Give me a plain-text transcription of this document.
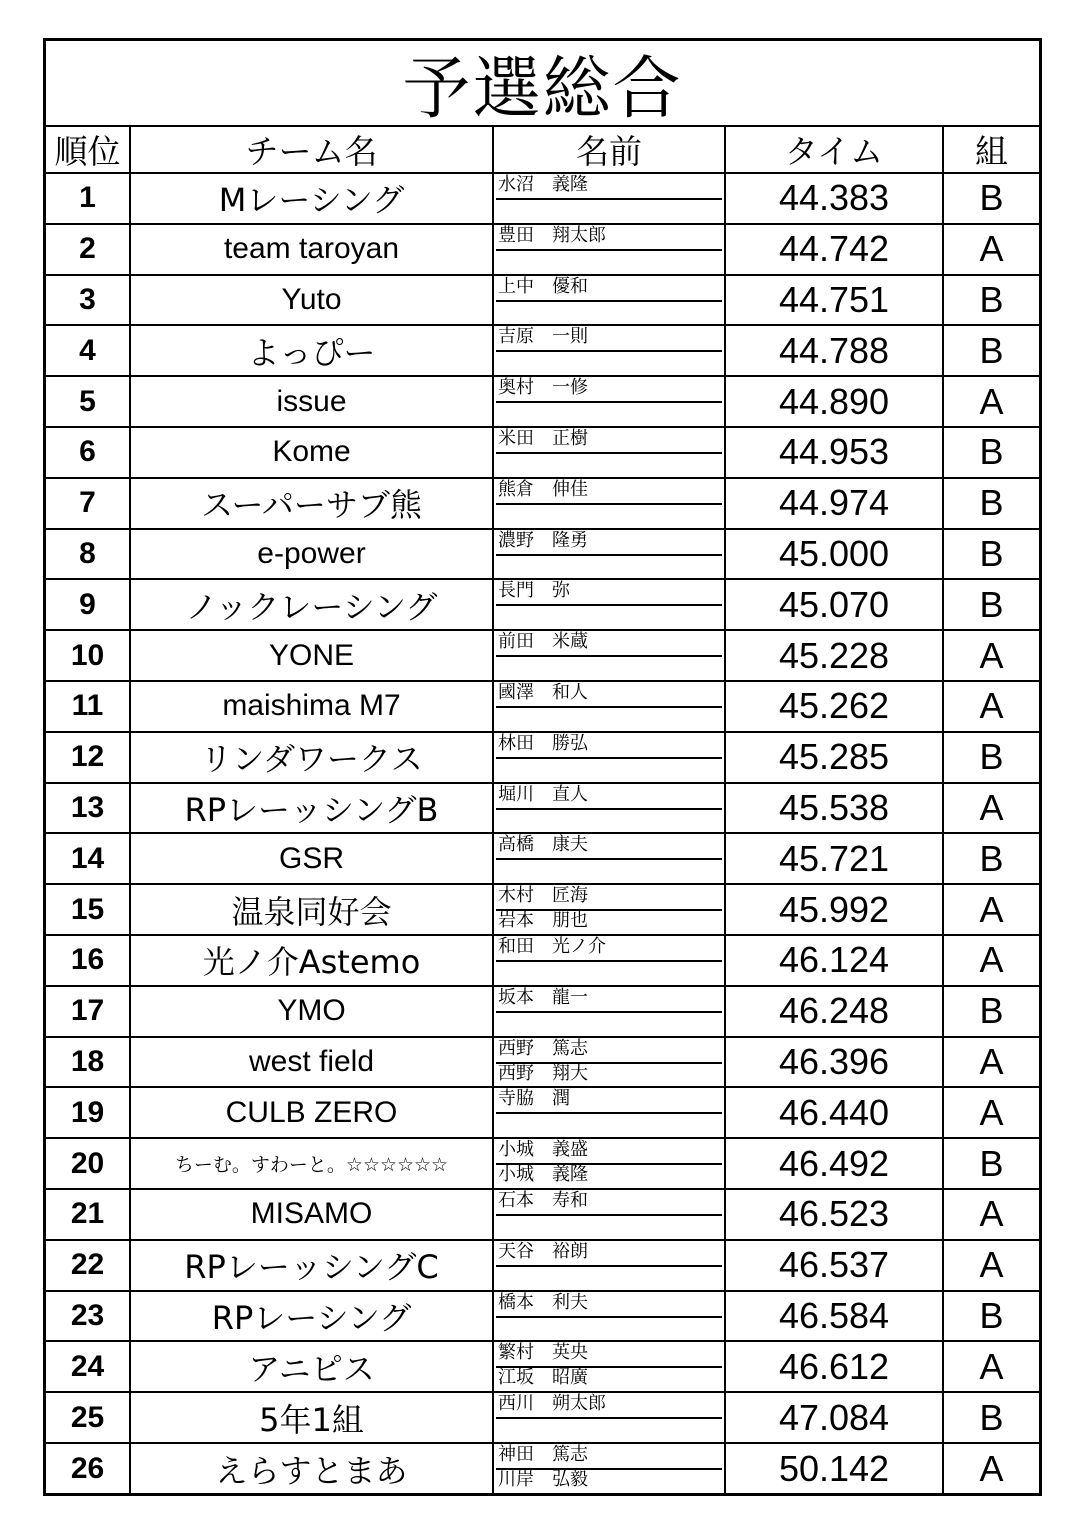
予選総合
順位	チーム名	名前	タイム	組
1	Mレーシング	水沼　義隆	44.383	B
2	team taroyan	豊田　翔太郎	44.742	A
3	Yuto	上中　優和	44.751	B
4	よっぴー	吉原　一則	44.788	B
5	issue	奥村　一修	44.890	A
6	Kome	米田　正樹	44.953	B
7	スーパーサブ熊	熊倉　伸佳	44.974	B
8	e-power	濃野　隆勇	45.000	B
9	ノックレーシング	長門　弥	45.070	B
10	YONE	前田　米蔵	45.228	A
11	maishima M7	國澤　和人	45.262	A
12	リンダワークス	林田　勝弘	45.285	B
13	RPレーッシングB	堀川　直人	45.538	A
14	GSR	高橋　康夫	45.721	B
15	温泉同好会	木村　匠海
岩本　朋也	45.992	A
16	光ノ介Astemo	和田　光ノ介	46.124	A
17	YMO	坂本　龍一	46.248	B
18	west field	西野　篤志
西野　翔大	46.396	A
19	CULB ZERO	寺脇　潤	46.440	A
20	ちーむ。すわーと。☆☆☆☆☆☆
小城　義盛
小城　義隆	46.492	B
21	MISAMO	石本　寿和	46.523	A
22	RPレーッシングC	天谷　裕朗	46.537	A
23	RPレーシング	橋本　利夫	46.584	B
24	アニピス	繁村　英央
江坂　昭廣	46.612	A
25	5年1組	西川　朔太郎	47.084	B
26	えらすとまあ	神田　篤志
川岸　弘毅	50.142	A
